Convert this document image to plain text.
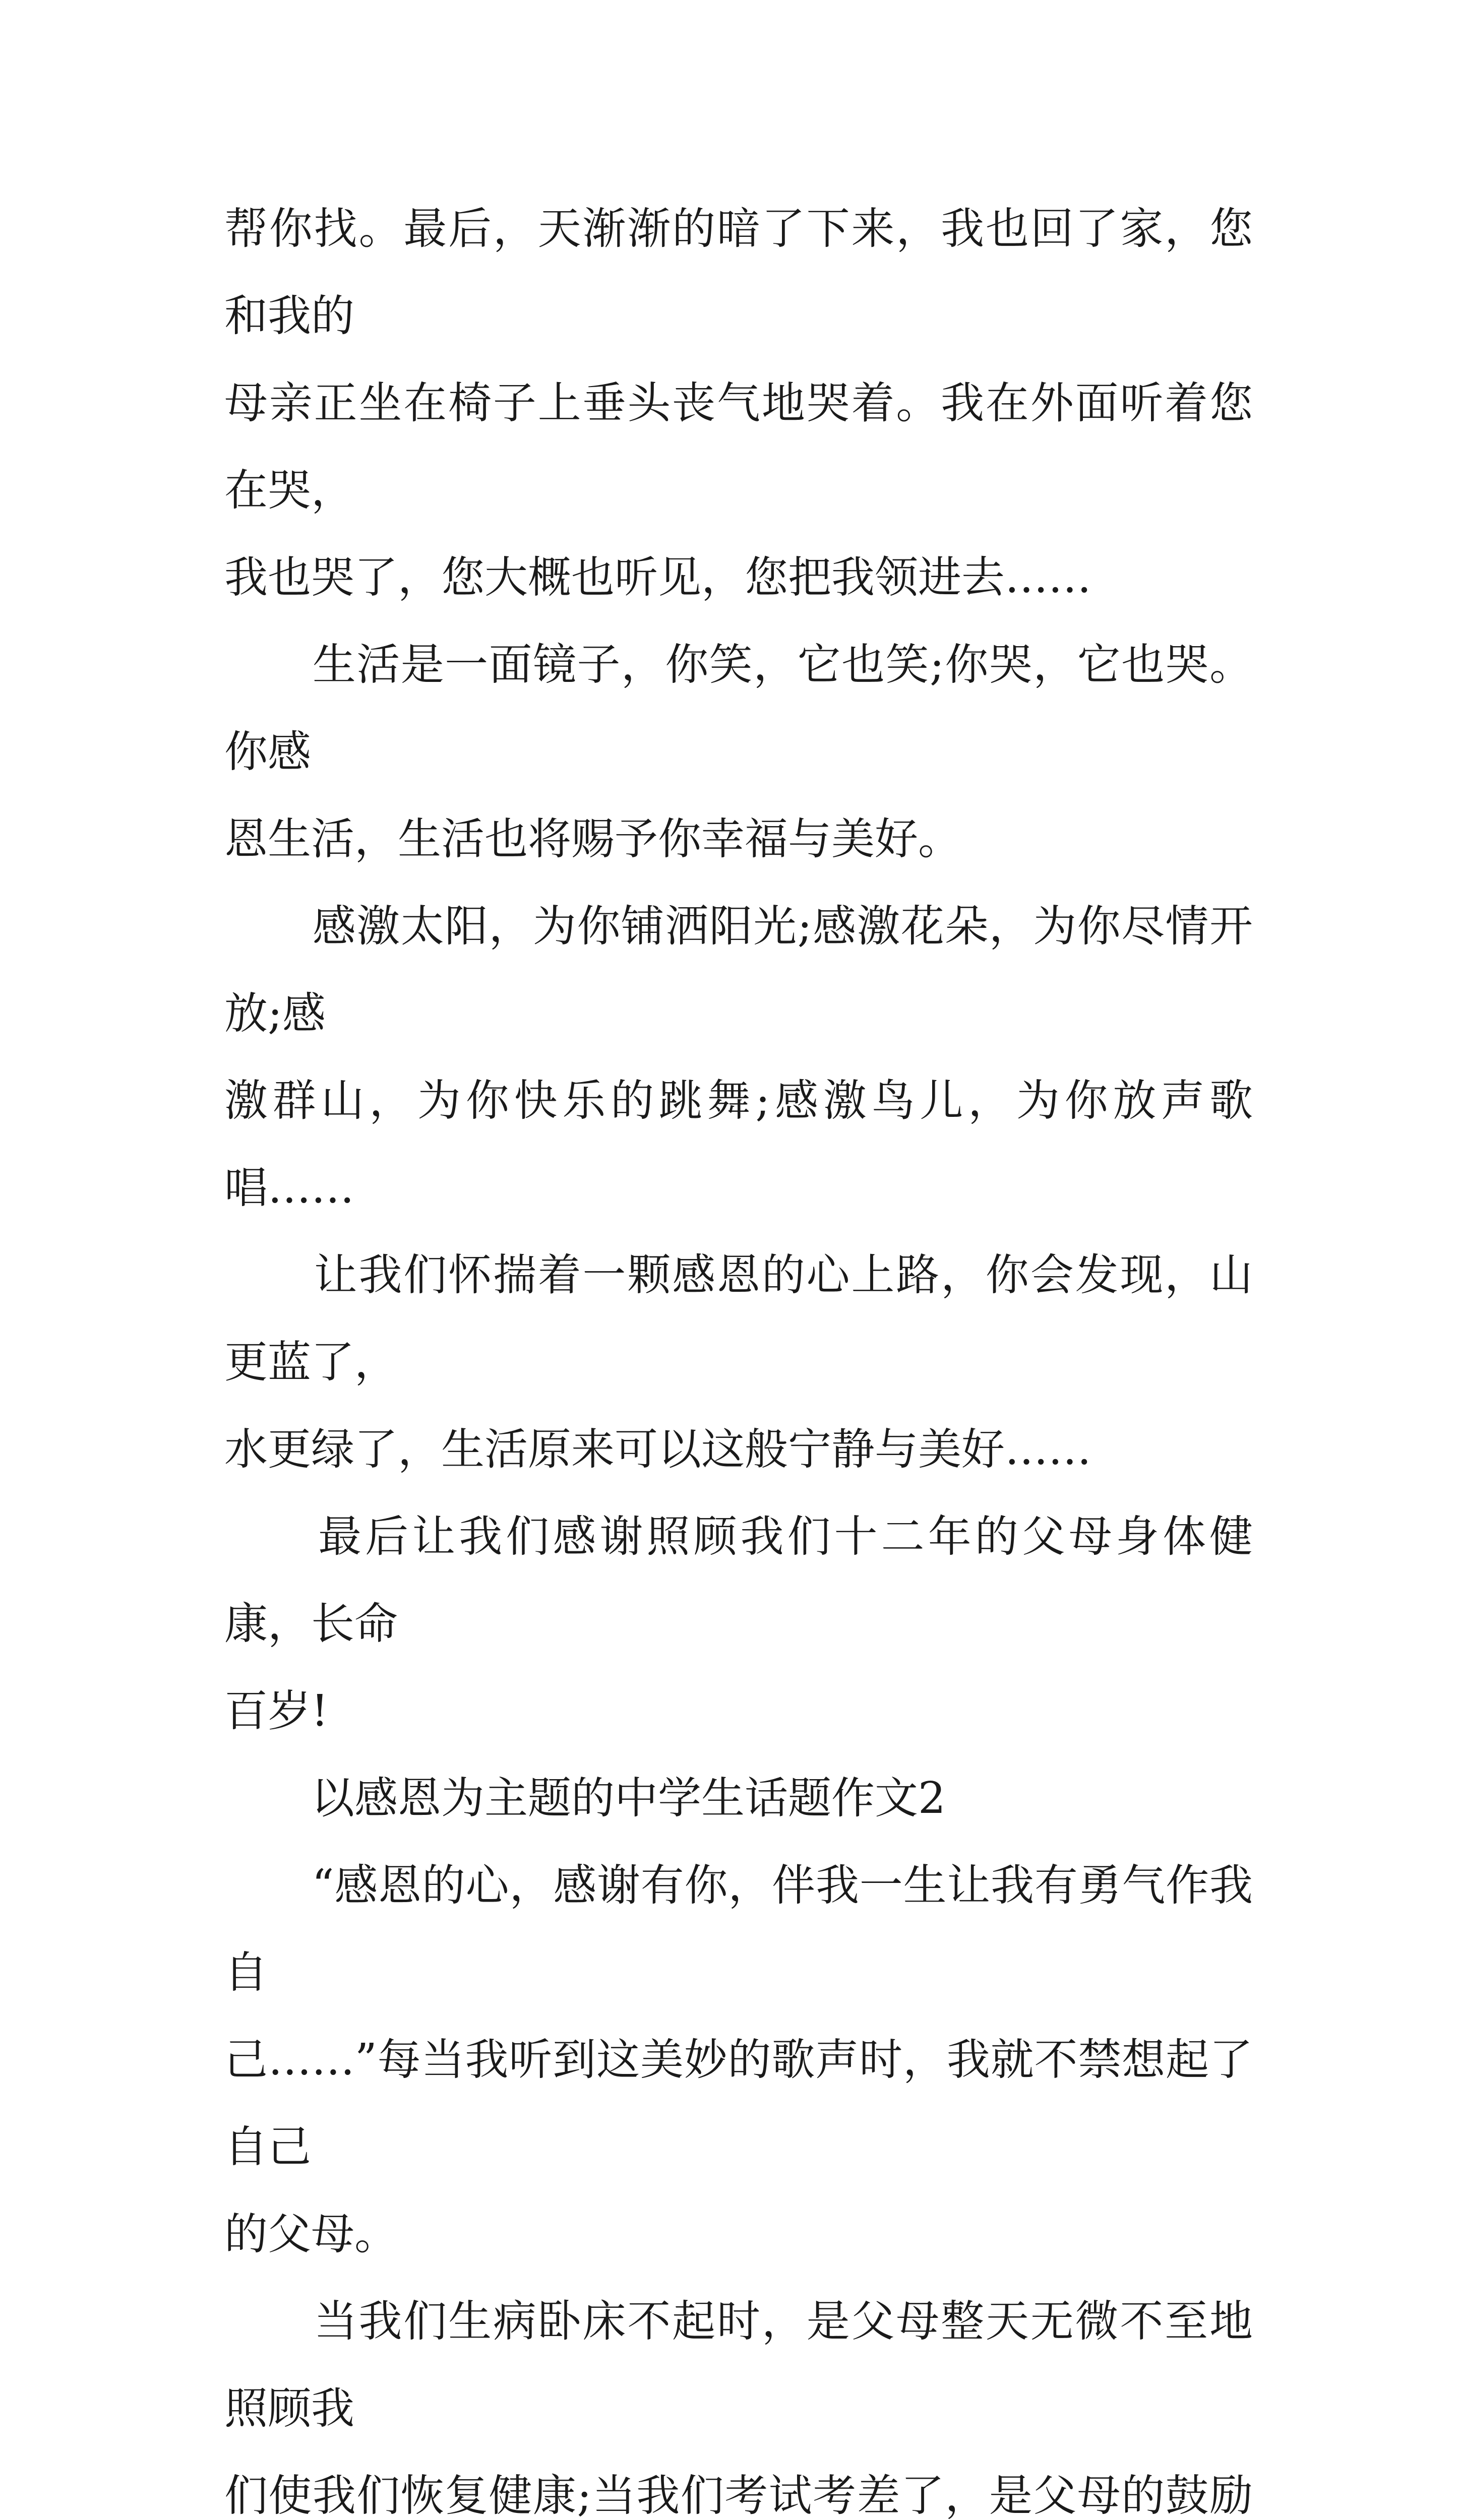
帮你找。最后，天渐渐的暗了下来，我也回了家，您和我的
母亲正坐在椅子上垂头丧气地哭着。我在外面听着您在哭，
我也哭了，您大概也听见，您把我领进去……

　　生活是一面镜子，你笑，它也笑;你哭，它也哭。你感
恩生活，生活也将赐予你幸福与美好。

　　感激太阳，为你铺洒阳光;感激花朵，为你尽情开放;感
激群山，为你快乐的跳舞;感激鸟儿，为你放声歌唱……

　　让我们怀揣着一颗感恩的心上路，你会发现，山更蓝了，
水更绿了，生活原来可以这般宁静与美好……

　　最后让我们感谢照顾我们十二年的父母身体健康，长命
百岁!

　　以感恩为主题的中学生话题作文2

　　“感恩的心，感谢有你，伴我一生让我有勇气作我自
己……”每当我听到这美妙的歌声时，我就不禁想起了自己
的父母。

　　当我们生病卧床不起时，是父母整天无微不至地照顾我
们使我们恢复健康;当我们考试考差了，是父母的鼓励
